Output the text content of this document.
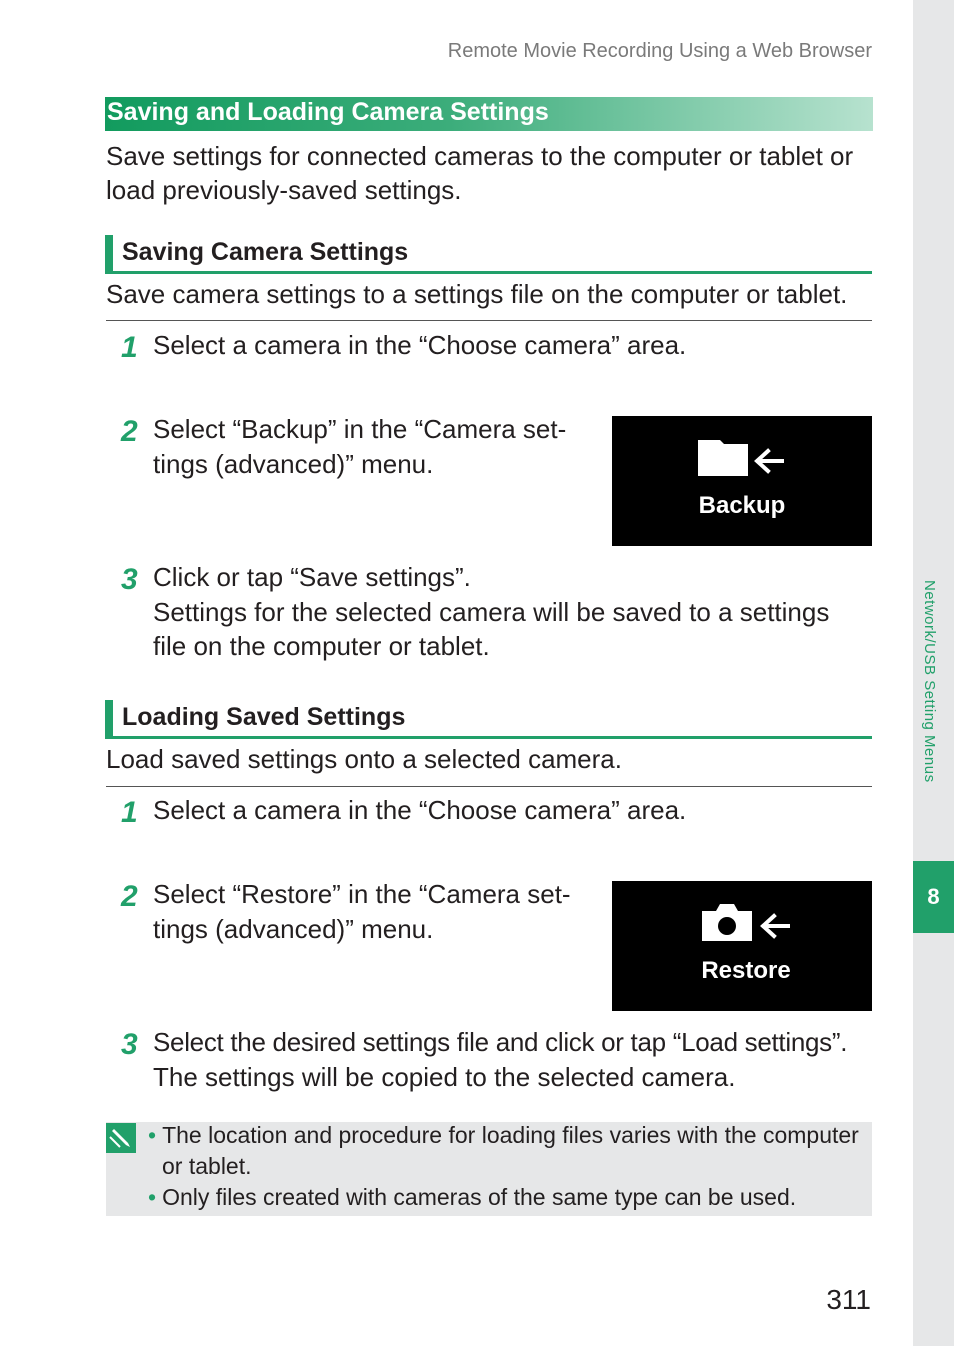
Network/USB Setting Menus
8
Remote Movie Recording Using a Web Browser
Saving and Loading Camera Settings
Save settings for connected cameras to the computer or tablet or
load previously-saved settings.
Saving Camera Settings
Save camera settings to a settings file on the computer or tablet.
1 Select a camera in the “Choose camera” area.
2 Select “Backup” in the “Camera set-
tings (advanced)” menu.
Backup
3 Click or tap “Save settings”.
Settings for the selected camera will be saved to a settings
file on the computer or tablet.
Loading Saved Settings
Load saved settings onto a selected camera.
1 Select a camera in the “Choose camera” area.
2 Select “Restore” in the “Camera set-
tings (advanced)” menu.
Restore
3 Select the desired settings file and click or tap “Load settings”.
The settings will be copied to the selected camera.
• The location and procedure for loading files varies with the computer
or tablet.
• Only files created with cameras of the same type can be used.
311
